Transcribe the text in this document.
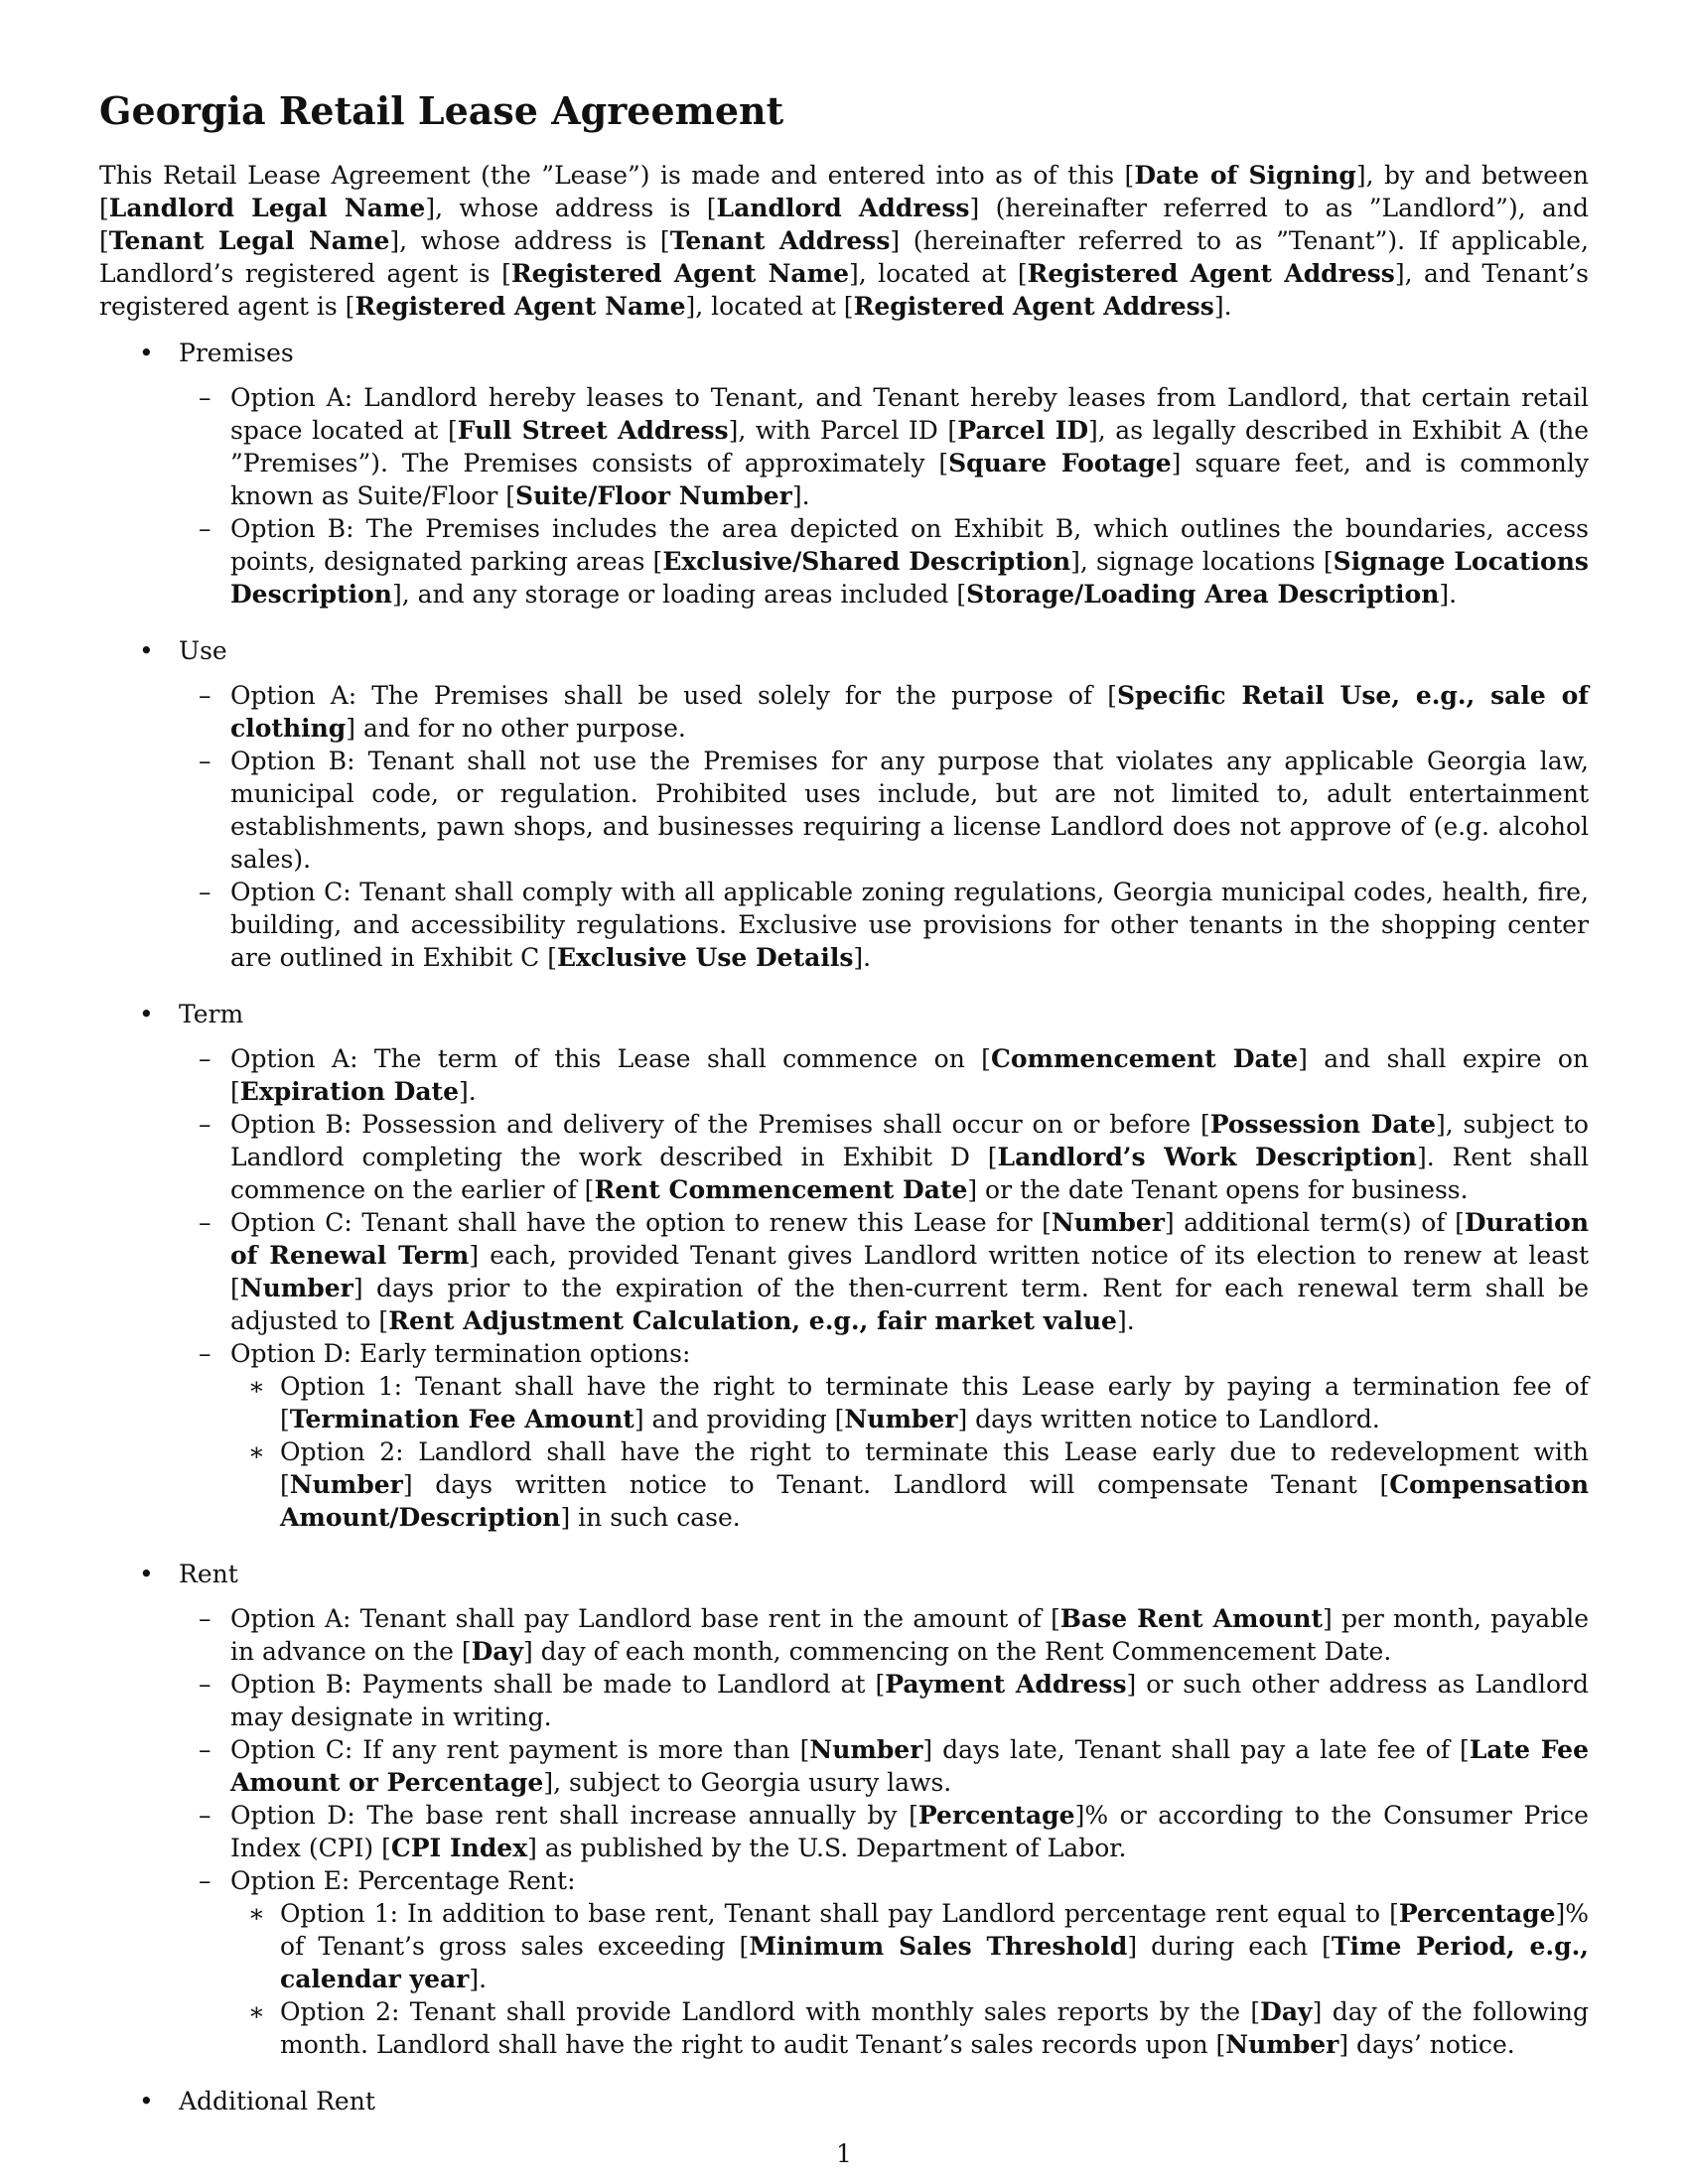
Georgia Retail Lease Agreement

This Retail Lease Agreement (the ”Lease”) is made and entered into as of this [Date of Signing], by and between [Landlord Legal Name], whose address is [Landlord Address] (hereinafter referred to as ”Landlord”), and [Tenant Legal Name], whose address is [Tenant Address] (hereinafter referred to as ”Tenant”). If applicable, Landlord’s registered agent is [Registered Agent Name], located at [Registered Agent Address], and Tenant’s registered agent is [Registered Agent Name], located at [Registered Agent Address].

•
Premises
–
Option A: Landlord hereby leases to Tenant, and Tenant hereby leases from Landlord, that certain retail space located at [Full Street Address], with Parcel ID [Parcel ID], as legally described in Exhibit A (the ”Premises”). The Premises consists of approximately [Square Footage] square feet, and is commonly known as Suite/Floor [Suite/Floor Number].
–
Option B: The Premises includes the area depicted on Exhibit B, which outlines the boundaries, access points, designated parking areas [Exclusive/Shared Description], signage locations [Signage Locations Description], and any storage or loading areas included [Storage/Loading Area Description].
•
Use
–
Option A: The Premises shall be used solely for the purpose of [Specific Retail Use, e.g., sale of clothing] and for no other purpose.
–
Option B: Tenant shall not use the Premises for any purpose that violates any applicable Georgia law, municipal code, or regulation. Prohibited uses include, but are not limited to, adult entertainment establishments, pawn shops, and businesses requiring a license Landlord does not approve of (e.g. alcohol sales).
–
Option C: Tenant shall comply with all applicable zoning regulations, Georgia municipal codes, health, fire, building, and accessibility regulations. Exclusive use provisions for other tenants in the shopping center are outlined in Exhibit C [Exclusive Use Details].
•
Term
–
Option A: The term of this Lease shall commence on [Commencement Date] and shall expire on [Expiration Date].
–
Option B: Possession and delivery of the Premises shall occur on or before [Possession Date], subject to Landlord completing the work described in Exhibit D [Landlord’s Work Description]. Rent shall commence on the earlier of [Rent Commencement Date] or the date Tenant opens for business.
–
Option C: Tenant shall have the option to renew this Lease for [Number] additional term(s) of [Duration of Renewal Term] each, provided Tenant gives Landlord written notice of its election to renew at least [Number] days prior to the expiration of the then-current term. Rent for each renewal term shall be adjusted to [Rent Adjustment Calculation, e.g., fair market value].
–
Option D: Early termination options:
∗
Option 1: Tenant shall have the right to terminate this Lease early by paying a termination fee of [Termination Fee Amount] and providing [Number] days written notice to Landlord.
∗
Option 2: Landlord shall have the right to terminate this Lease early due to redevelopment with [Number] days written notice to Tenant. Landlord will compensate Tenant [Compensation Amount/Description] in such case.
•
Rent
–
Option A: Tenant shall pay Landlord base rent in the amount of [Base Rent Amount] per month, payable in advance on the [Day] day of each month, commencing on the Rent Commencement Date.
–
Option B: Payments shall be made to Landlord at [Payment Address] or such other address as Landlord may designate in writing.
–
Option C: If any rent payment is more than [Number] days late, Tenant shall pay a late fee of [Late Fee Amount or Percentage], subject to Georgia usury laws.
–
Option D: The base rent shall increase annually by [Percentage]% or according to the Consumer Price Index (CPI) [CPI Index] as published by the U.S. Department of Labor.
–
Option E: Percentage Rent:
∗
Option 1: In addition to base rent, Tenant shall pay Landlord percentage rent equal to [Percentage]% of Tenant’s gross sales exceeding [Minimum Sales Threshold] during each [Time Period, e.g., calendar year].
∗
Option 2: Tenant shall provide Landlord with monthly sales reports by the [Day] day of the following month. Landlord shall have the right to audit Tenant’s sales records upon [Number] days’ notice.
•
Additional Rent
1
